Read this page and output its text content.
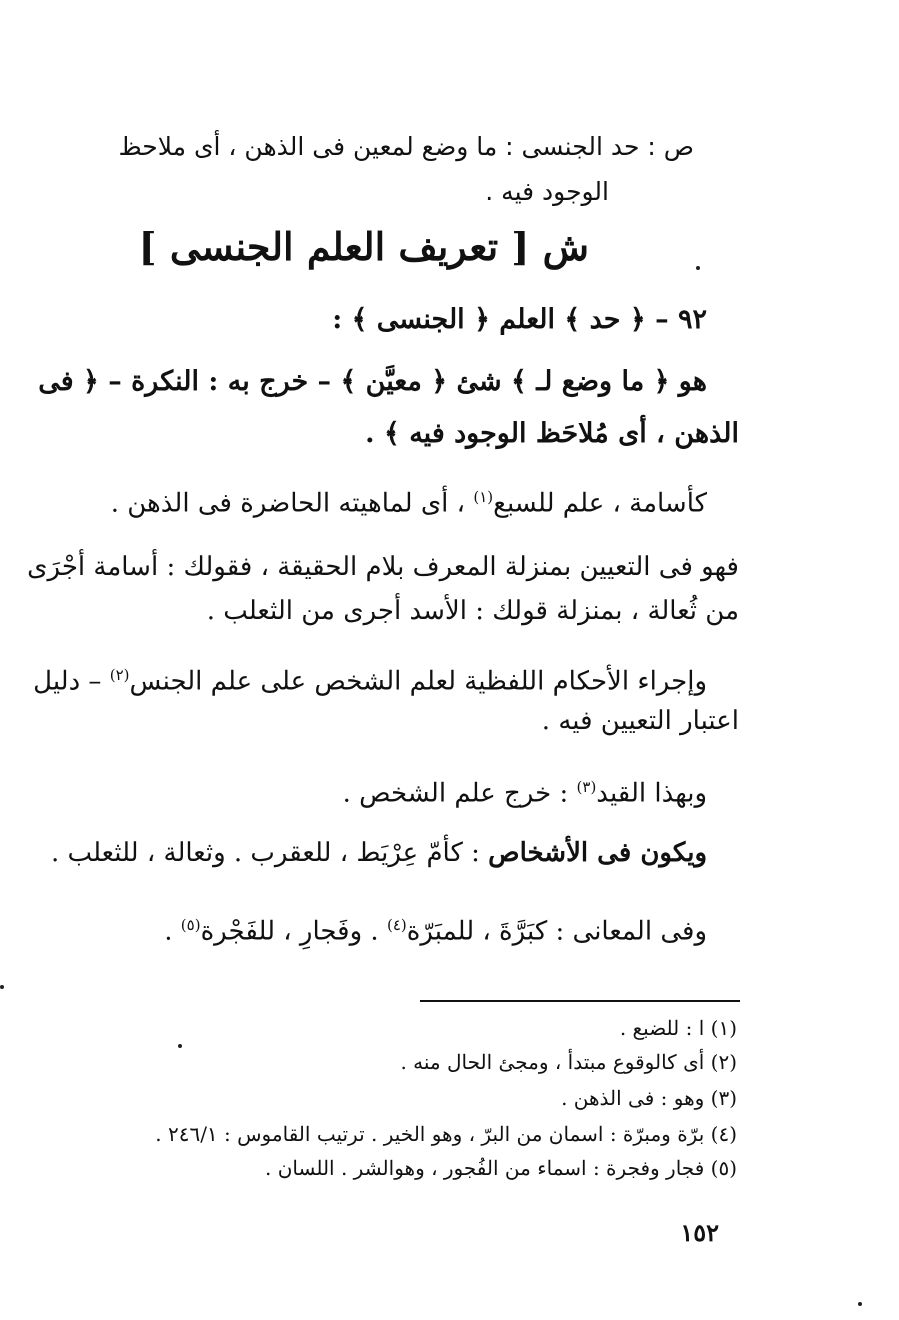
ص : حد الجنسى : ما وضع لمعين فى الذهن ، أى ملاحظ
الوجود فيه .
ش [ تعريف العلم الجنسى ]
٩٢ – ﴿ حد ﴾ العلم ﴿ الجنسى ﴾ :
هو ﴿ ما وضع لـ ﴾ شئ ﴿ معيَّن ﴾ – خرج به : النكرة – ﴿ فى
الذهن ، أى مُلاحَظ الوجود فيه ﴾ .
كأسامة ، علم للسبع$^{(١)}$ ، أى لماهيته الحاضرة فى الذهن .
فهو فى التعيين بمنزلة المعرف بلام الحقيقة ، فقولك : أسامة أجْرَى
من ثُعالة ، بمنزلة قولك : الأسد أجرى من الثعلب .
وإجراء الأحكام اللفظية لعلم الشخص على علم الجنس$^{(٢)}$ – دليل
اعتبار التعيين فيه .
وبهذا القيد$^{(٣)}$ : خرج علم الشخص .
ويكون فى الأشخاص : كأمّ عِرْيَط ، للعقرب . وثعالة ، للثعلب .
وفى المعانى : كبَرَّةَ ، للمبَرّة$^{(٤)}$ . وفَجارِ ، للفَجْرة$^{(٥)}$ .
(١) ا : للضبع .
(٢) أى كالوقوع مبتدأ ، ومجئ الحال منه .
(٣) وهو : فى الذهن .
(٤) برّة ومبرّة : اسمان من البرّ ، وهو الخير . ترتيب القاموس : ٢٤٦/١ .
(٥) فجار وفجرة : اسماء من الفُجور ، وهوالشر . اللسان .
١٥٢
